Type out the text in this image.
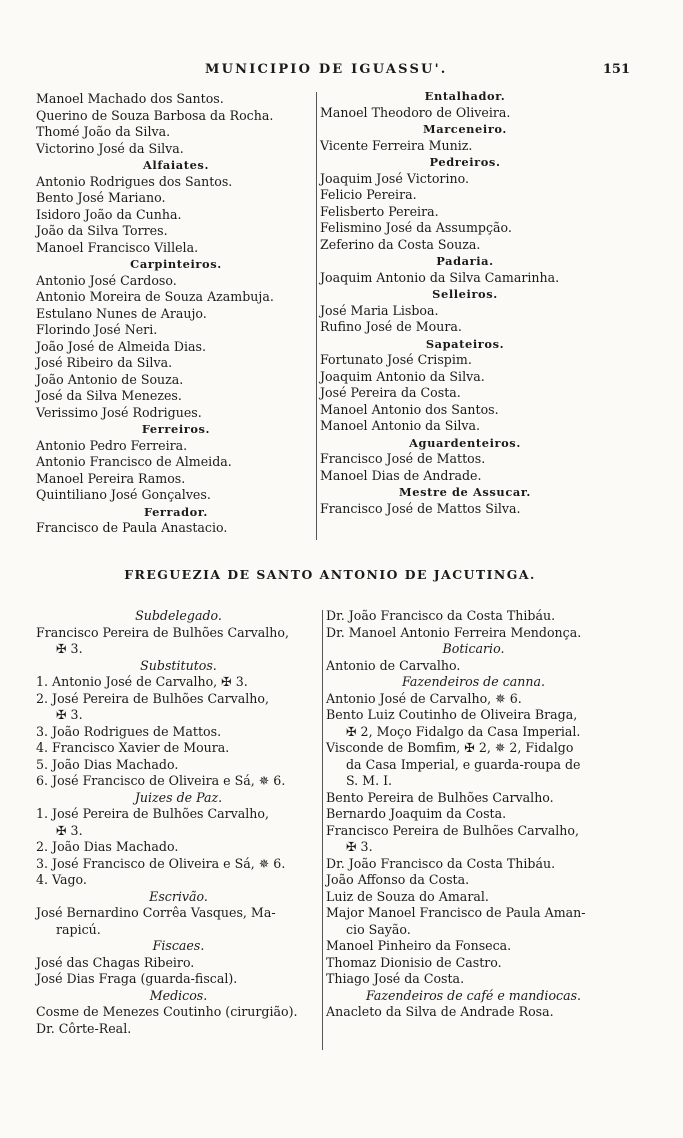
MUNICIPIO DE IGUASSU'.	151
Manoel Machado dos Santos.
Querino de Souza Barbosa da Rocha.
Thomé João da Silva.
Victorino José da Silva.
Alfaiates.
Antonio Rodrigues dos Santos.
Bento José Mariano.
Isidoro João da Cunha.
João da Silva Torres.
Manoel Francisco Villela.
Carpinteiros.
Antonio José Cardoso.
Antonio Moreira de Souza Azambuja.
Estulano Nunes de Araujo.
Florindo José Neri.
João José de Almeida Dias.
José Ribeiro da Silva.
João Antonio de Souza.
José da Silva Menezes.
Verissimo José Rodrigues.
Ferreiros.
Antonio Pedro Ferreira.
Antonio Francisco de Almeida.
Manoel Pereira Ramos.
Quintiliano José Gonçalves.
Ferrador.
Francisco de Paula Anastacio.
Entalhador.
Manoel Theodoro de Oliveira.
Marceneiro.
Vicente Ferreira Muniz.
Pedreiros.
Joaquim José Victorino.
Felicio Pereira.
Felisberto Pereira.
Felismino José da Assumpção.
Zeferino da Costa Souza.
Padaria.
Joaquim Antonio da Silva Camarinha.
Selleiros.
José Maria Lisboa.
Rufino José de Moura.
Sapateiros.
Fortunato José Crispim.
Joaquim Antonio da Silva.
José Pereira da Costa.
Manoel Antonio dos Santos.
Manoel Antonio da Silva.
Aguardenteiros.
Francisco José de Mattos.
Manoel Dias de Andrade.
Mestre de Assucar.
Francisco José de Mattos Silva.
FREGUEZIA DE SANTO ANTONIO DE JACUTINGA.
Subdelegado.
Francisco Pereira de Bulhões Carvalho,
✠ 3.
Substitutos.
1. Antonio José de Carvalho, ✠ 3.
2. José Pereira de Bulhões Carvalho,
✠ 3.
3. João Rodrigues de Mattos.
4. Francisco Xavier de Moura.
5. João Dias Machado.
6. José Francisco de Oliveira e Sá, ✵ 6.
Juizes de Paz.
1. José Pereira de Bulhões Carvalho,
✠ 3.
2. João Dias Machado.
3. José Francisco de Oliveira e Sá, ✵ 6.
4. Vago.
Escrivão.
José Bernardino Corrêa Vasques, Ma-
rapicú.
Fiscaes.
José das Chagas Ribeiro.
José Dias Fraga (guarda-fiscal).
Medicos.
Cosme de Menezes Coutinho (cirurgião).
Dr. Côrte-Real.
Dr. João Francisco da Costa Thibáu.
Dr. Manoel Antonio Ferreira Mendonça.
Boticario.
Antonio de Carvalho.
Fazendeiros de canna.
Antonio José de Carvalho, ✵ 6.
Bento Luiz Coutinho de Oliveira Braga,
✠ 2, Moço Fidalgo da Casa Imperial.
Visconde de Bomfim, ✠ 2, ✵ 2, Fidalgo
da Casa Imperial, e guarda-roupa de
S. M. I.
Bento Pereira de Bulhões Carvalho.
Bernardo Joaquim da Costa.
Francisco Pereira de Bulhões Carvalho,
✠ 3.
Dr. João Francisco da Costa Thibáu.
João Affonso da Costa.
Luiz de Souza do Amaral.
Major Manoel Francisco de Paula Aman-
cio Sayão.
Manoel Pinheiro da Fonseca.
Thomaz Dionisio de Castro.
Thiago José da Costa.
Fazendeiros de café e mandiocas.
Anacleto da Silva de Andrade Rosa.
